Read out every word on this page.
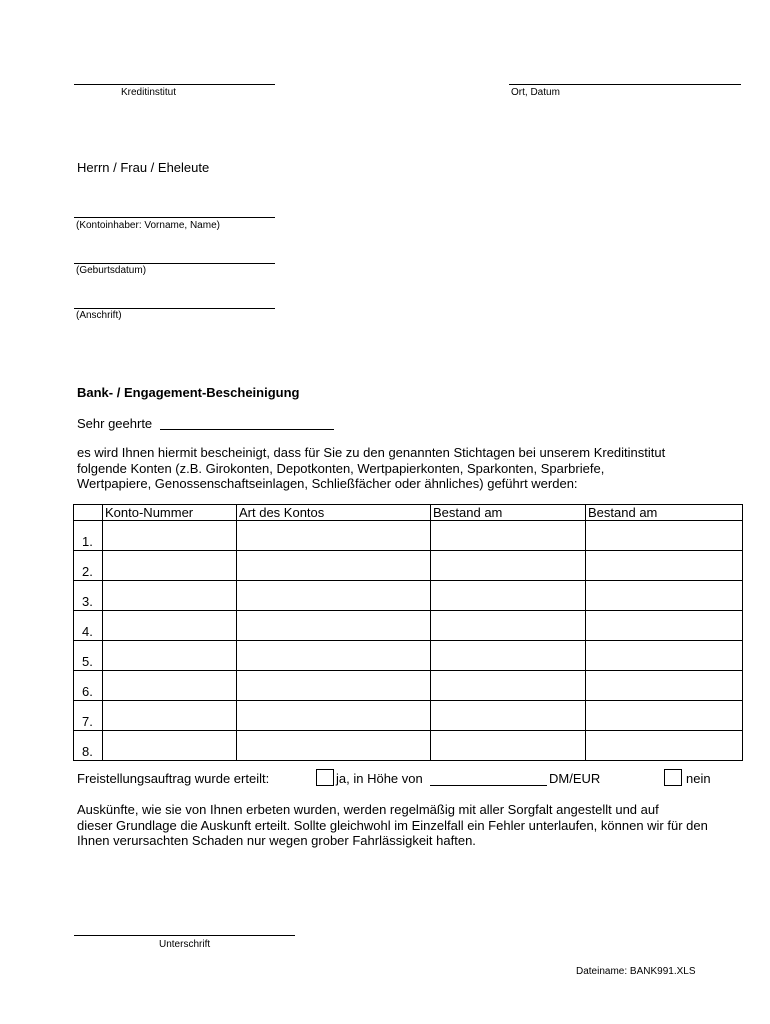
Kreditinstitut	Ort, Datum
Herrn / Frau / Eheleute
(Kontoinhaber: Vorname, Name)
(Geburtsdatum)
(Anschrift)
Bank- / Engagement-Bescheinigung
Sehr geehrte
es wird Ihnen hiermit bescheinigt, dass für Sie zu den genannten Stichtagen bei unserem Kreditinstitut
folgende Konten (z.B. Girokonten, Depotkonten, Wertpapierkonten, Sparkonten, Sparbriefe,
Wertpapiere, Genossenschaftseinlagen, Schließfächer oder ähnliches) geführt werden:
	Konto-Nummer	Art des Kontos	Bestand am	Bestand am
1.				
2.				
3.				
4.				
5.				
6.				
7.				
8.				
Freistellungsauftrag wurde erteilt:	ja, in Höhe von	DM/EUR	nein
Auskünfte, wie sie von Ihnen erbeten wurden, werden regelmäßig mit aller Sorgfalt angestellt und auf
dieser Grundlage die Auskunft erteilt. Sollte gleichwohl im Einzelfall ein Fehler unterlaufen, können wir für den
Ihnen verursachten Schaden nur wegen grober Fahrlässigkeit haften.
Unterschrift
Dateiname: BANK991.XLS
